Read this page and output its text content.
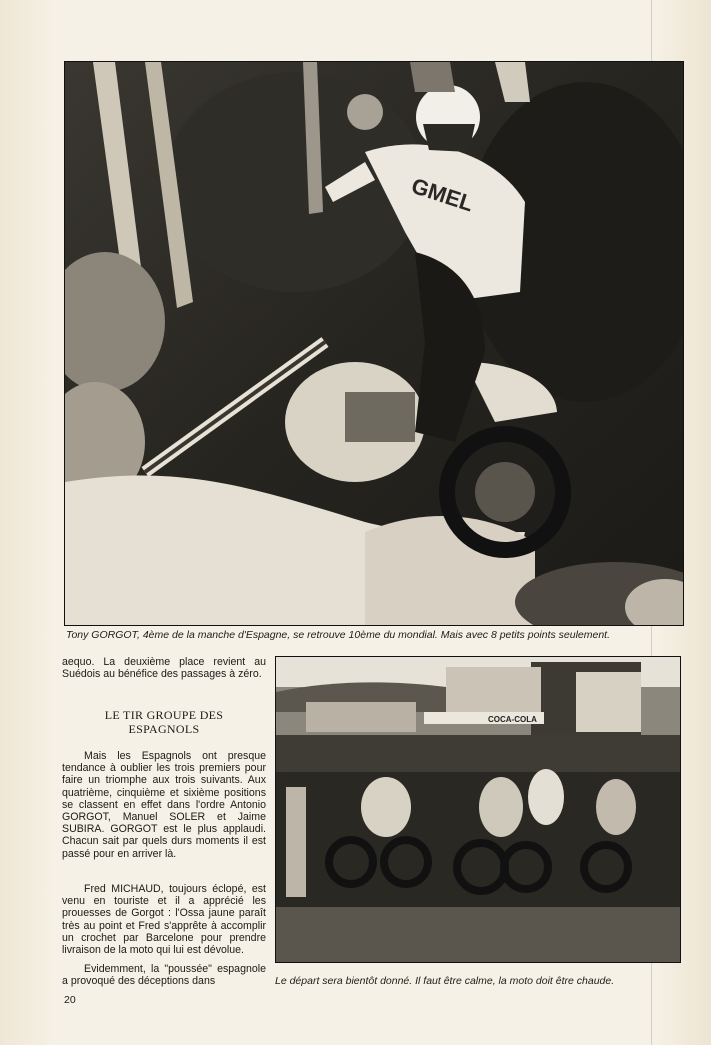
GMEL
Tony GORGOT, 4ème de la manche d'Espagne, se retrouve 10ème du mondial. Mais avec 8 petits points seulement.

aequo. La deuxième place revient au Suédois au bénéfice des passages à zéro.

LE TIR GROUPE DES
ESPAGNOLS

Mais les Espagnols ont presque tendance à oublier les trois premiers pour faire un triomphe aux trois suivants. Aux quatrième, cinquième et sixième positions se classent en effet dans l'ordre Antonio GORGOT, Manuel SOLER et Jaime SUBIRA. GORGOT est le plus applaudi. Chacun sait par quels durs moments il est passé pour en arriver là.

Fred MICHAUD, toujours éclopé, est venu en touriste et il a apprécié les prouesses de Gorgot : l'Ossa jaune paraît très au point et Fred s'apprête à accomplir un crochet par Barcelone pour prendre livraison de la moto qui lui est dévolue.

Evidemment, la "poussée" espagnole a provoqué des déceptions dans

COCA-COLA
Le départ sera bientôt donné. Il faut être calme, la moto doit être chaude.
20
